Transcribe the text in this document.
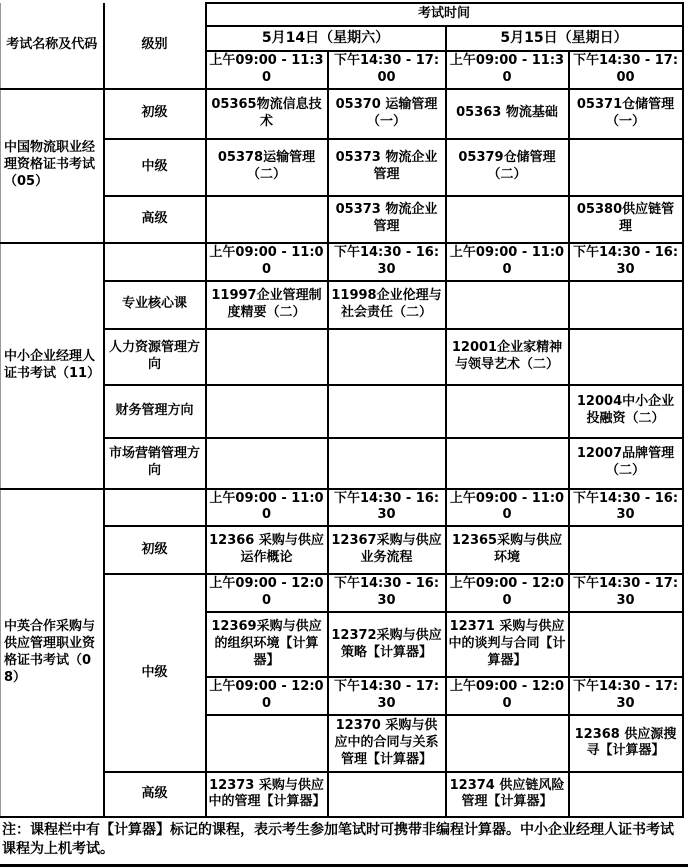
考试名称及代码	级别	考试时间			
		5月14日（星期六）		5月15日（星期日）	
		上午09:00 - 11:30	下午14:30 - 17:00	上午09:00 - 11:30	下午14:30 - 17:00
中国物流职业经理资格证书考试（05）	初级	05365物流信息技术	05370 运输管理（一）	05363 物流基础	05371仓储管理（一）
	中级	05378运输管理（二）	05373 物流企业管理	05379仓储管理（二）	
	高级		05373 物流企业管理		05380供应链管理
中小企业经理人证书考试（11）		上午09:00 - 11:00	下午14:30 - 16:30	上午09:00 - 11:00	下午14:30 - 16:30
	专业核心课	11997企业管理制度精要（二）	11998企业伦理与社会责任（二）		
	人力资源管理方向			12001企业家精神与领导艺术（二）	
	财务管理方向				12004中小企业投融资（二）
	市场营销管理方向				12007品牌管理（二）
中英合作采购与供应管理职业资格证书考试（08）		上午09:00 - 11:00	下午14:30 - 16:30	上午09:00 - 11:00	下午14:30 - 16:30
	初级	12366 采购与供应运作概论	12367采购与供应业务流程	12365采购与供应环境	
	中级	上午09:00 - 12:00	下午14:30 - 16:30	上午09:00 - 12:00	下午14:30 - 17:30
		12369采购与供应的组织环境【计算器】	12372采购与供应策略【计算器】	12371 采购与供应中的谈判与合同【计算器】	
		上午09:00 - 12:00	下午14:30 - 17:30	上午09:00 - 12:00	下午14:30 - 17:30
			12370 采购与供应中的合同与关系管理【计算器】		12368 供应源搜寻【计算器】
	高级	12373 采购与供应中的管理【计算器】		12374 供应链风险管理【计算器】	
注：课程栏中有【计算器】标记的课程，表示考生参加笔试时可携带非编程计算器。中小企业经理人证书考试课程为上机考试。
